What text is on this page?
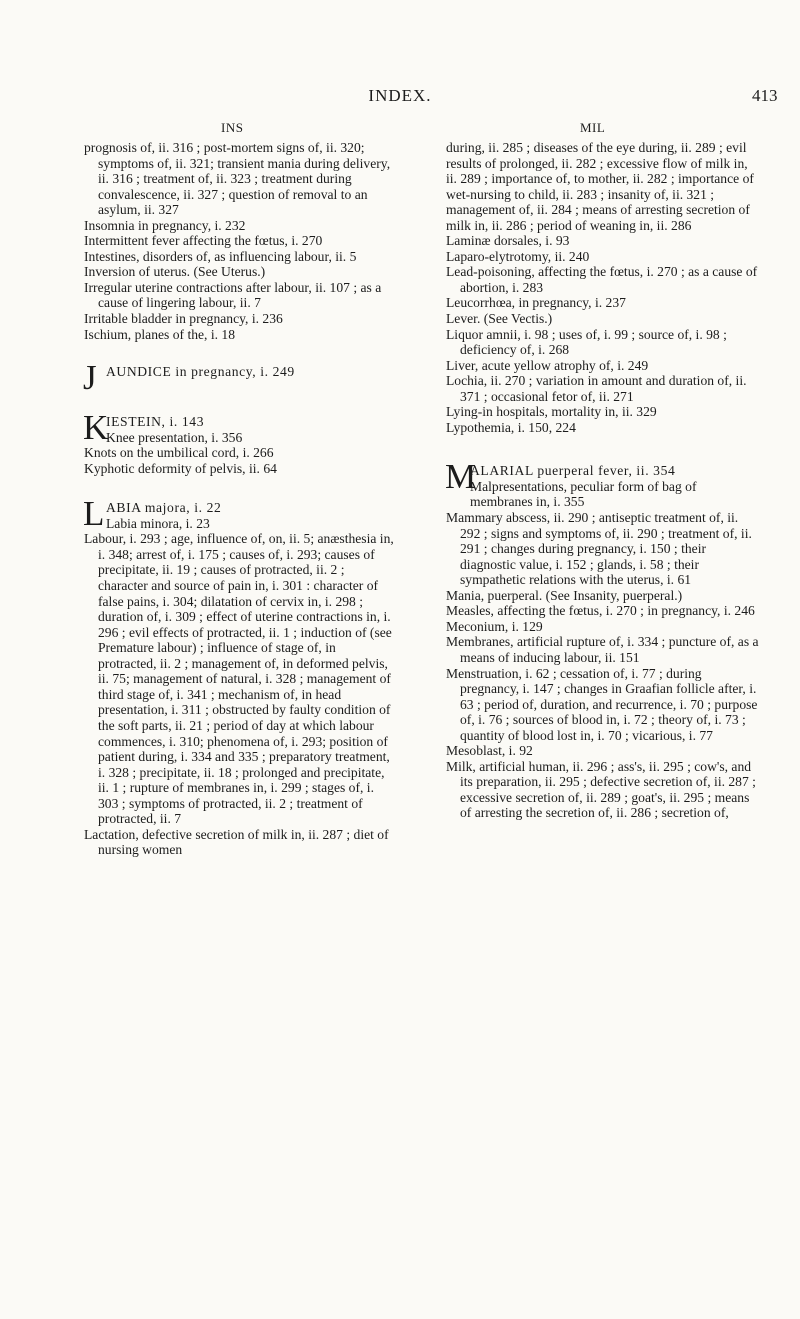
INDEX.	413
INS	MIL
prognosis of, ii. 316 ; post-mortem signs of, ii. 320; symptoms of, ii. 321; transient mania during delivery, ii. 316 ; treatment of, ii. 323 ; treatment during convalescence, ii. 327 ; question of removal to an asylum, ii. 327
Insomnia in pregnancy, i. 232
Intermittent fever affecting the fœtus, i. 270
Intestines, disorders of, as influencing labour, ii. 5
Inversion of uterus. (See Uterus.)
Irregular uterine contractions after labour, ii. 107 ; as a cause of lingering labour, ii. 7
Irritable bladder in pregnancy, i. 236
Ischium, planes of the, i. 18
J AUNDICE in pregnancy, i. 249
K
IESTEIN, i. 143
Knee presentation, i. 356
Knots on the umbilical cord, i. 266
Kyphotic deformity of pelvis, ii. 64
L ABIA majora, i. 22
Labia minora, i. 23
Labour, i. 293 ; age, influence of, on, ii. 5; anæsthesia in, i. 348; arrest of, i. 175 ; causes of, i. 293; causes of precipitate, ii. 19 ; causes of protracted, ii. 2 ; character and source of pain in, i. 301 : character of false pains, i. 304; dilatation of cervix in, i. 298 ; duration of, i. 309 ; effect of uterine contractions in, i. 296 ; evil effects of protracted, ii. 1 ; induction of (see Premature labour) ; influence of stage of, in protracted, ii. 2 ; management of, in deformed pelvis, ii. 75; management of natural, i. 328 ; management of third stage of, i. 341 ; mechanism of, in head presentation, i. 311 ; obstructed by faulty condition of the soft parts, ii. 21 ; period of day at which labour commences, i. 310; phenomena of, i. 293; position of patient during, i. 334 and 335 ; preparatory treatment, i. 328 ; precipitate, ii. 18 ; prolonged and precipitate, ii. 1 ; rupture of membranes in, i. 299 ; stages of, i. 303 ; symptoms of protracted, ii. 2 ; treatment of protracted, ii. 7
Lactation, defective secretion of milk in, ii. 287 ; diet of nursing women
during, ii. 285 ; diseases of the eye during, ii. 289 ; evil results of prolonged, ii. 282 ; excessive flow of milk in, ii. 289 ; importance of, to mother, ii. 282 ; importance of wet-nursing to child, ii. 283 ; insanity of, ii. 321 ; management of, ii. 284 ; means of arresting secretion of milk in, ii. 286 ; period of weaning in, ii. 286
Laminæ dorsales, i. 93
Laparo-elytrotomy, ii. 240
Lead-poisoning, affecting the fœtus, i. 270 ; as a cause of abortion, i. 283
Leucorrhœa, in pregnancy, i. 237
Lever. (See Vectis.)
Liquor amnii, i. 98 ; uses of, i. 99 ; source of, i. 98 ; deficiency of, i. 268
Liver, acute yellow atrophy of, i. 249
Lochia, ii. 270 ; variation in amount and duration of, ii. 371 ; occasional fetor of, ii. 271
Lying-in hospitals, mortality in, ii. 329
Lypothemia, i. 150, 224
M
ALARIAL puerperal fever, ii. 354
Malpresentations, peculiar form of bag of membranes in, i. 355
Mammary abscess, ii. 290 ; antiseptic treatment of, ii. 292 ; signs and symptoms of, ii. 290 ; treatment of, ii. 291 ; changes during pregnancy, i. 150 ; their diagnostic value, i. 152 ; glands, i. 58 ; their sympathetic relations with the uterus, i. 61
Mania, puerperal. (See Insanity, puerperal.)
Measles, affecting the fœtus, i. 270 ; in pregnancy, i. 246
Meconium, i. 129
Membranes, artificial rupture of, i. 334 ; puncture of, as a means of inducing labour, ii. 151
Menstruation, i. 62 ; cessation of, i. 77 ; during pregnancy, i. 147 ; changes in Graafian follicle after, i. 63 ; period of, duration, and recurrence, i. 70 ; purpose of, i. 76 ; sources of blood in, i. 72 ; theory of, i. 73 ; quantity of blood lost in, i. 70 ; vicarious, i. 77
Mesoblast, i. 92
Milk, artificial human, ii. 296 ; ass's, ii. 295 ; cow's, and its preparation, ii. 295 ; defective secretion of, ii. 287 ; excessive secretion of, ii. 289 ; goat's, ii. 295 ; means of arresting the secretion of, ii. 286 ; secretion of,
